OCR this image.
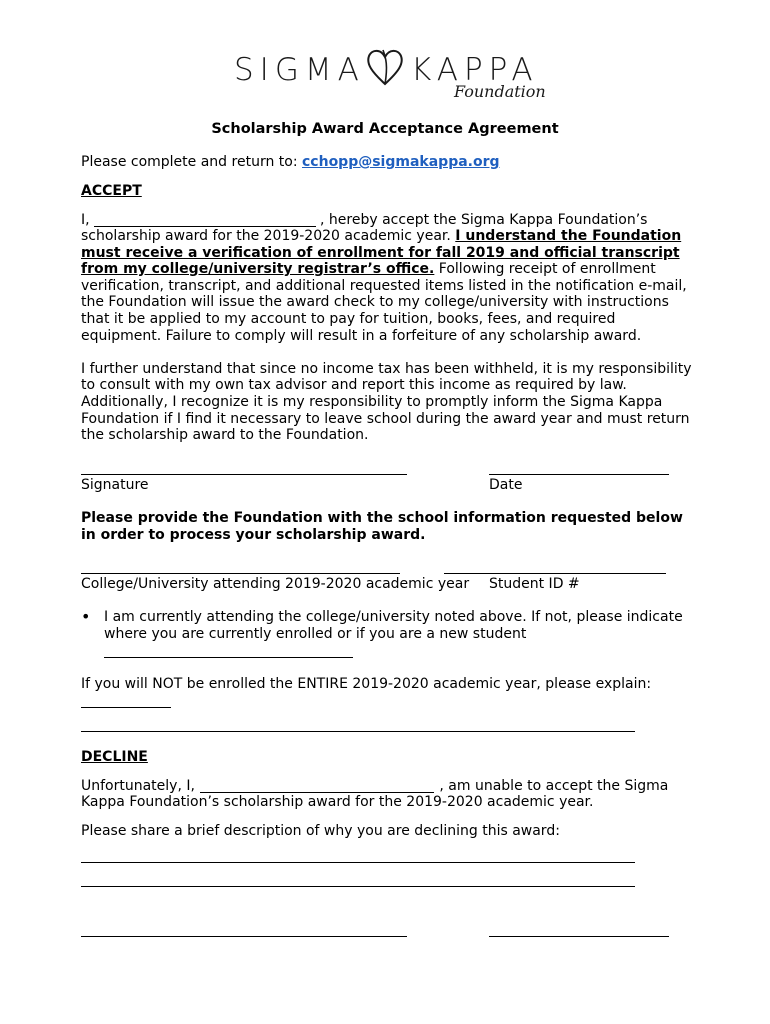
SIGMA KAPPA
Foundation
Scholarship Award Acceptance Agreement
Please complete and return to: cchopp@sigmakappa.org
ACCEPT
I,	, hereby accept the Sigma Kappa Foundation’s
scholarship award for the 2019-2020 academic year. I understand the Foundation
must receive a verification of enrollment for fall 2019 and official transcript
from my college/university registrar’s office. Following receipt of enrollment
verification, transcript, and additional requested items listed in the notification e-mail,
the Foundation will issue the award check to my college/university with instructions
that it be applied to my account to pay for tuition, books, fees, and required
equipment. Failure to comply will result in a forfeiture of any scholarship award.
I further understand that since no income tax has been withheld, it is my responsibility
to consult with my own tax advisor and report this income as required by law.
Additionally, I recognize it is my responsibility to promptly inform the Sigma Kappa
Foundation if I find it necessary to leave school during the award year and must return
the scholarship award to the Foundation.
Signature	Date
Please provide the Foundation with the school information requested below
in order to process your scholarship award.
College/University attending 2019-2020 academic year Student ID #
• I am currently attending the college/university noted above. If not, please indicate
where you are currently enrolled or if you are a new student
If you will NOT be enrolled the ENTIRE 2019-2020 academic year, please explain:
DECLINE
Unfortunately, I,	, am unable to accept the Sigma
Kappa Foundation’s scholarship award for the 2019-2020 academic year.
Please share a brief description of why you are declining this award:
